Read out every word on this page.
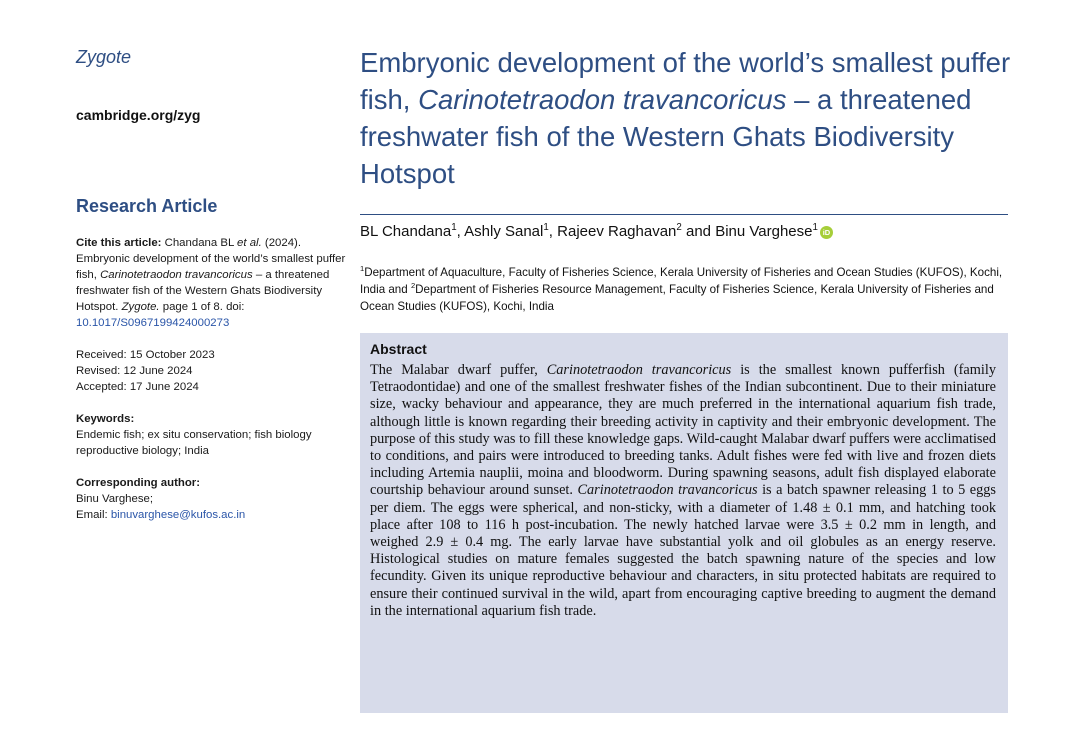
Zygote
cambridge.org/zyg
Research Article
Cite this article: Chandana BL et al. (2024). Embryonic development of the world’s smallest puffer fish, Carinotetraodon travancoricus – a threatened freshwater fish of the Western Ghats Biodiversity Hotspot. Zygote. page 1 of 8. doi: 10.1017/S0967199424000273
Received: 15 October 2023
Revised: 12 June 2024
Accepted: 17 June 2024
Keywords:
Endemic fish; ex situ conservation; fish biology reproductive biology; India
Corresponding author:
Binu Varghese;
Email: binuvarghese@kufos.ac.in
Embryonic development of the world’s smallest puffer fish, Carinotetraodon travancoricus – a threatened freshwater fish of the Western Ghats Biodiversity Hotspot
BL Chandana$^1$, Ashly Sanal$^1$, Rajeev Raghavan$^2$ and Binu Varghese$^1$ iD
$^1$Department of Aquaculture, Faculty of Fisheries Science, Kerala University of Fisheries and Ocean Studies (KUFOS), Kochi, India and $^2$Department of Fisheries Resource Management, Faculty of Fisheries Science, Kerala University of Fisheries and Ocean Studies (KUFOS), Kochi, India
Abstract

The Malabar dwarf puffer, Carinotetraodon travancoricus is the smallest known pufferfish (family Tetraodontidae) and one of the smallest freshwater fishes of the Indian subcontinent. Due to their miniature size, wacky behaviour and appearance, they are much preferred in the international aquarium fish trade, although little is known regarding their breeding activity in captivity and their embryonic development. The purpose of this study was to fill these knowledge gaps. Wild-caught Malabar dwarf puffers were acclimatised to conditions, and pairs were introduced to breeding tanks. Adult fishes were fed with live and frozen diets including Artemia nauplii, moina and bloodworm. During spawning seasons, adult fish displayed elaborate courtship behaviour around sunset. Carinotetraodon travancoricus is a batch spawner releasing 1 to 5 eggs per diem. The eggs were spherical, and non-sticky, with a diameter of 1.48 ± 0.1 mm, and hatching took place after 108 to 116 h post-incubation. The newly hatched larvae were 3.5 ± 0.2 mm in length, and weighed 2.9 ± 0.4 mg. The early larvae have substantial yolk and oil globules as an energy reserve. Histological studies on mature females suggested the batch spawning nature of the species and low fecundity. Given its unique reproductive behaviour and characters, in situ protected habitats are required to ensure their continued survival in the wild, apart from encouraging captive breeding to augment the demand in the international aquarium fish trade.
